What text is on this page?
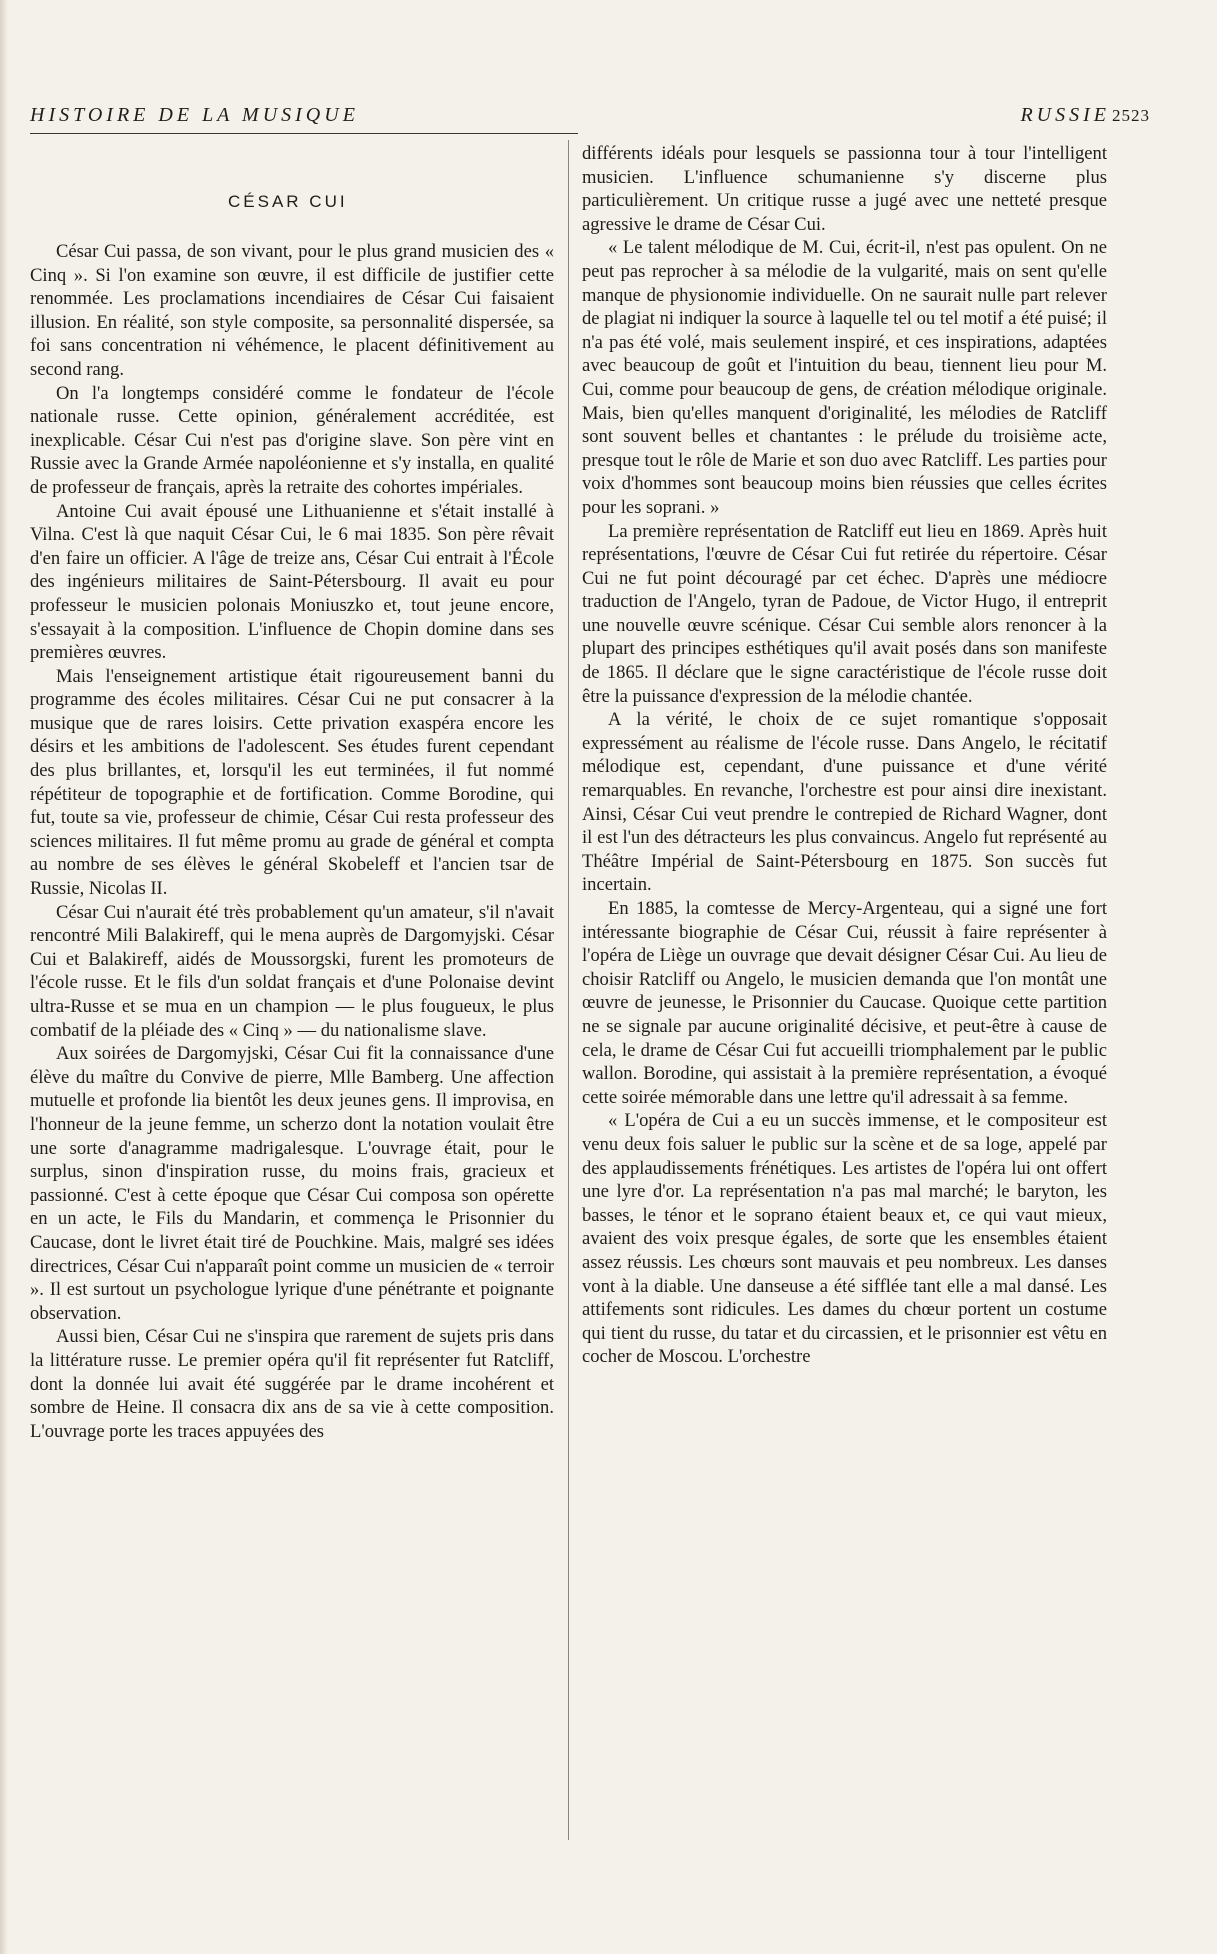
HISTOIRE DE LA MUSIQUE	RUSSIE 2523
CÉSAR CUI

César Cui passa, de son vivant, pour le plus grand musicien des « Cinq ». Si l'on examine son œuvre, il est difficile de justifier cette renommée. Les proclamations incendiaires de César Cui faisaient illusion. En réalité, son style composite, sa personnalité dispersée, sa foi sans concentration ni véhémence, le placent définitivement au second rang.

On l'a longtemps considéré comme le fondateur de l'école nationale russe. Cette opinion, généralement accréditée, est inexplicable. César Cui n'est pas d'origine slave. Son père vint en Russie avec la Grande Armée napoléonienne et s'y installa, en qualité de professeur de français, après la retraite des cohortes impériales.

Antoine Cui avait épousé une Lithuanienne et s'était installé à Vilna. C'est là que naquit César Cui, le 6 mai 1835. Son père rêvait d'en faire un officier. A l'âge de treize ans, César Cui entrait à l'École des ingénieurs militaires de Saint-Pétersbourg. Il avait eu pour professeur le musicien polonais Moniuszko et, tout jeune encore, s'essayait à la composition. L'influence de Chopin domine dans ses premières œuvres.

Mais l'enseignement artistique était rigoureusement banni du programme des écoles militaires. César Cui ne put consacrer à la musique que de rares loisirs. Cette privation exaspéra encore les désirs et les ambitions de l'adolescent. Ses études furent cependant des plus brillantes, et, lorsqu'il les eut terminées, il fut nommé répétiteur de topographie et de fortification. Comme Borodine, qui fut, toute sa vie, professeur de chimie, César Cui resta professeur des sciences militaires. Il fut même promu au grade de général et compta au nombre de ses élèves le général Skobeleff et l'ancien tsar de Russie, Nicolas II.

César Cui n'aurait été très probablement qu'un amateur, s'il n'avait rencontré Mili Balakireff, qui le mena auprès de Dargomyjski. César Cui et Balakireff, aidés de Moussorgski, furent les promoteurs de l'école russe. Et le fils d'un soldat français et d'une Polonaise devint ultra-Russe et se mua en un champion — le plus fougueux, le plus combatif de la pléiade des « Cinq » — du nationalisme slave.

Aux soirées de Dargomyjski, César Cui fit la connaissance d'une élève du maître du Convive de pierre, Mlle Bamberg. Une affection mutuelle et profonde lia bientôt les deux jeunes gens. Il improvisa, en l'honneur de la jeune femme, un scherzo dont la notation voulait être une sorte d'anagramme madrigalesque. L'ouvrage était, pour le surplus, sinon d'inspiration russe, du moins frais, gracieux et passionné. C'est à cette époque que César Cui composa son opérette en un acte, le Fils du Mandarin, et commença le Prisonnier du Caucase, dont le livret était tiré de Pouchkine. Mais, malgré ses idées directrices, César Cui n'apparaît point comme un musicien de « terroir ». Il est surtout un psychologue lyrique d'une pénétrante et poignante observation.

Aussi bien, César Cui ne s'inspira que rarement de sujets pris dans la littérature russe. Le premier opéra qu'il fit représenter fut Ratcliff, dont la donnée lui avait été suggérée par le drame incohérent et sombre de Heine. Il consacra dix ans de sa vie à cette composition. L'ouvrage porte les traces appuyées des

différents idéals pour lesquels se passionna tour à tour l'intelligent musicien. L'influence schumanienne s'y discerne plus particulièrement. Un critique russe a jugé avec une netteté presque agressive le drame de César Cui.

« Le talent mélodique de M. Cui, écrit-il, n'est pas opulent. On ne peut pas reprocher à sa mélodie de la vulgarité, mais on sent qu'elle manque de physionomie individuelle. On ne saurait nulle part relever de plagiat ni indiquer la source à laquelle tel ou tel motif a été puisé; il n'a pas été volé, mais seulement inspiré, et ces inspirations, adaptées avec beaucoup de goût et l'intuition du beau, tiennent lieu pour M. Cui, comme pour beaucoup de gens, de création mélodique originale. Mais, bien qu'elles manquent d'originalité, les mélodies de Ratcliff sont souvent belles et chantantes : le prélude du troisième acte, presque tout le rôle de Marie et son duo avec Ratcliff. Les parties pour voix d'hommes sont beaucoup moins bien réussies que celles écrites pour les soprani. »

La première représentation de Ratcliff eut lieu en 1869. Après huit représentations, l'œuvre de César Cui fut retirée du répertoire. César Cui ne fut point découragé par cet échec. D'après une médiocre traduction de l'Angelo, tyran de Padoue, de Victor Hugo, il entreprit une nouvelle œuvre scénique. César Cui semble alors renoncer à la plupart des principes esthétiques qu'il avait posés dans son manifeste de 1865. Il déclare que le signe caractéristique de l'école russe doit être la puissance d'expression de la mélodie chantée.

A la vérité, le choix de ce sujet romantique s'opposait expressément au réalisme de l'école russe. Dans Angelo, le récitatif mélodique est, cependant, d'une puissance et d'une vérité remarquables. En revanche, l'orchestre est pour ainsi dire inexistant. Ainsi, César Cui veut prendre le contrepied de Richard Wagner, dont il est l'un des détracteurs les plus convaincus. Angelo fut représenté au Théâtre Impérial de Saint-Pétersbourg en 1875. Son succès fut incertain.

En 1885, la comtesse de Mercy-Argenteau, qui a signé une fort intéressante biographie de César Cui, réussit à faire représenter à l'opéra de Liège un ouvrage que devait désigner César Cui. Au lieu de choisir Ratcliff ou Angelo, le musicien demanda que l'on montât une œuvre de jeunesse, le Prisonnier du Caucase. Quoique cette partition ne se signale par aucune originalité décisive, et peut-être à cause de cela, le drame de César Cui fut accueilli triomphalement par le public wallon. Borodine, qui assistait à la première représentation, a évoqué cette soirée mémorable dans une lettre qu'il adressait à sa femme.

« L'opéra de Cui a eu un succès immense, et le compositeur est venu deux fois saluer le public sur la scène et de sa loge, appelé par des applaudissements frénétiques. Les artistes de l'opéra lui ont offert une lyre d'or. La représentation n'a pas mal marché; le baryton, les basses, le ténor et le soprano étaient beaux et, ce qui vaut mieux, avaient des voix presque égales, de sorte que les ensembles étaient assez réussis. Les chœurs sont mauvais et peu nombreux. Les danses vont à la diable. Une danseuse a été sifflée tant elle a mal dansé. Les attifements sont ridicules. Les dames du chœur portent un costume qui tient du russe, du tatar et du circassien, et le prisonnier est vêtu en cocher de Moscou. L'orchestre
